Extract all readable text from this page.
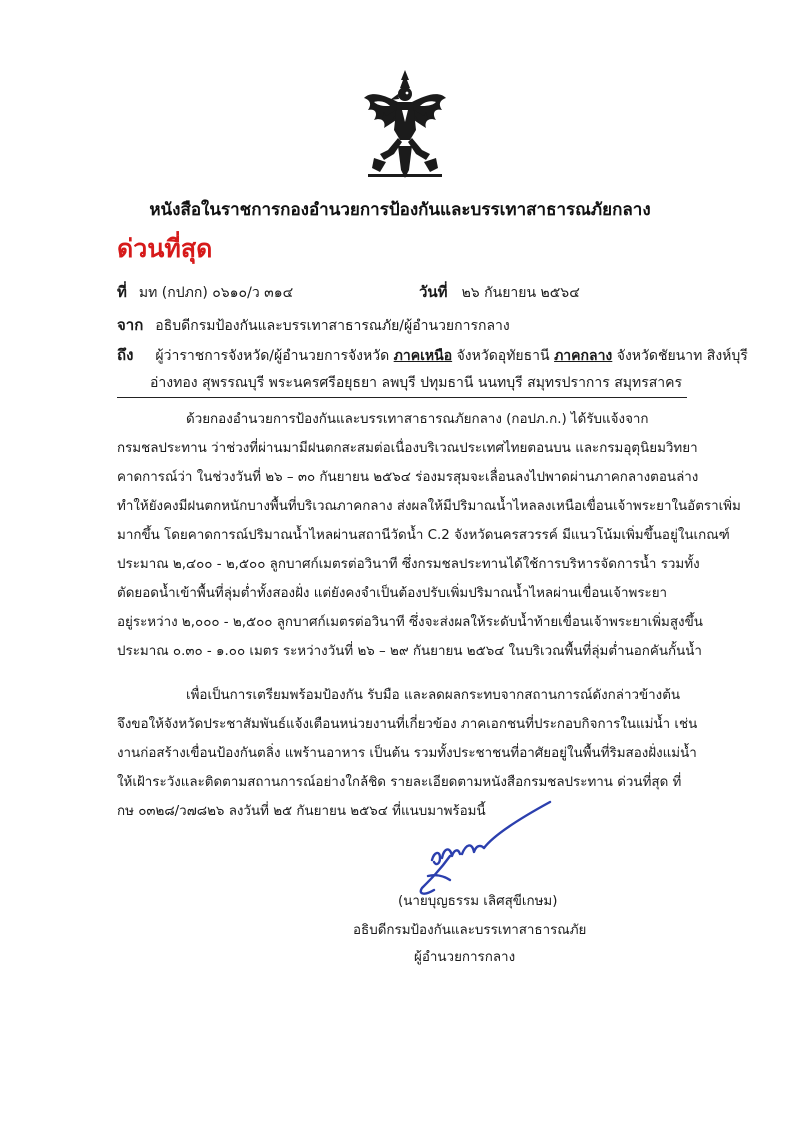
หนังสือในราชการกองอำนวยการป้องกันและบรรเทาสาธารณภัยกลาง
ด่วนที่สุด
ที่ มท (กปภก) ๐๖๑๐/ว ๓๑๔	วันที่ ๒๖ กันยายน ๒๕๖๔
จาก อธิบดีกรมป้องกันและบรรเทาสาธารณภัย/ผู้อำนวยการกลาง
ถึง ผู้ว่าราชการจังหวัด/ผู้อำนวยการจังหวัด ภาคเหนือ จังหวัดอุทัยธานี ภาคกลาง จังหวัดชัยนาท สิงห์บุรี
อ่างทอง สุพรรณบุรี พระนครศรีอยุธยา ลพบุรี ปทุมธานี นนทบุรี สมุทรปราการ สมุทรสาคร
ด้วยกองอำนวยการป้องกันและบรรเทาสาธารณภัยกลาง (กอปภ.ก.) ได้รับแจ้งจาก
กรมชลประทาน ว่าช่วงที่ผ่านมามีฝนตกสะสมต่อเนื่องบริเวณประเทศไทยตอนบน และกรมอุตุนิยมวิทยา
คาดการณ์ว่า ในช่วงวันที่ ๒๖ – ๓๐ กันยายน ๒๕๖๔ ร่องมรสุมจะเลื่อนลงไปพาดผ่านภาคกลางตอนล่าง
ทำให้ยังคงมีฝนตกหนักบางพื้นที่บริเวณภาคกลาง ส่งผลให้มีปริมาณน้ำไหลลงเหนือเขื่อนเจ้าพระยาในอัตราเพิ่ม
มากขึ้น โดยคาดการณ์ปริมาณน้ำไหลผ่านสถานีวัดน้ำ C.2 จังหวัดนครสวรรค์ มีแนวโน้มเพิ่มขึ้นอยู่ในเกณฑ์
ประมาณ ๒,๔๐๐ - ๒,๕๐๐ ลูกบาศก์เมตรต่อวินาที ซึ่งกรมชลประทานได้ใช้การบริหารจัดการน้ำ รวมทั้ง
ตัดยอดน้ำเข้าพื้นที่ลุ่มต่ำทั้งสองฝั่ง แต่ยังคงจำเป็นต้องปรับเพิ่มปริมาณน้ำไหลผ่านเขื่อนเจ้าพระยา
อยู่ระหว่าง ๒,๐๐๐ - ๒,๕๐๐ ลูกบาศก์เมตรต่อวินาที ซึ่งจะส่งผลให้ระดับน้ำท้ายเขื่อนเจ้าพระยาเพิ่มสูงขึ้น
ประมาณ ๐.๓๐ - ๑.๐๐ เมตร ระหว่างวันที่ ๒๖ – ๒๙ กันยายน ๒๕๖๔ ในบริเวณพื้นที่ลุ่มต่ำนอกคันกั้นน้ำ
เพื่อเป็นการเตรียมพร้อมป้องกัน รับมือ และลดผลกระทบจากสถานการณ์ดังกล่าวข้างต้น
จึงขอให้จังหวัดประชาสัมพันธ์แจ้งเตือนหน่วยงานที่เกี่ยวข้อง ภาคเอกชนที่ประกอบกิจการในแม่น้ำ เช่น
งานก่อสร้างเขื่อนป้องกันตลิ่ง แพร้านอาหาร เป็นต้น รวมทั้งประชาชนที่อาศัยอยู่ในพื้นที่ริมสองฝั่งแม่น้ำ
ให้เฝ้าระวังและติดตามสถานการณ์อย่างใกล้ชิด รายละเอียดตามหนังสือกรมชลประทาน ด่วนที่สุด ที่
กษ ๐๓๒๘/ว๗๘๒๖ ลงวันที่ ๒๕ กันยายน ๒๕๖๔ ที่แนบมาพร้อมนี้
(นายบุญธรรม เลิศสุขีเกษม)
อธิบดีกรมป้องกันและบรรเทาสาธารณภัย
ผู้อำนวยการกลาง
